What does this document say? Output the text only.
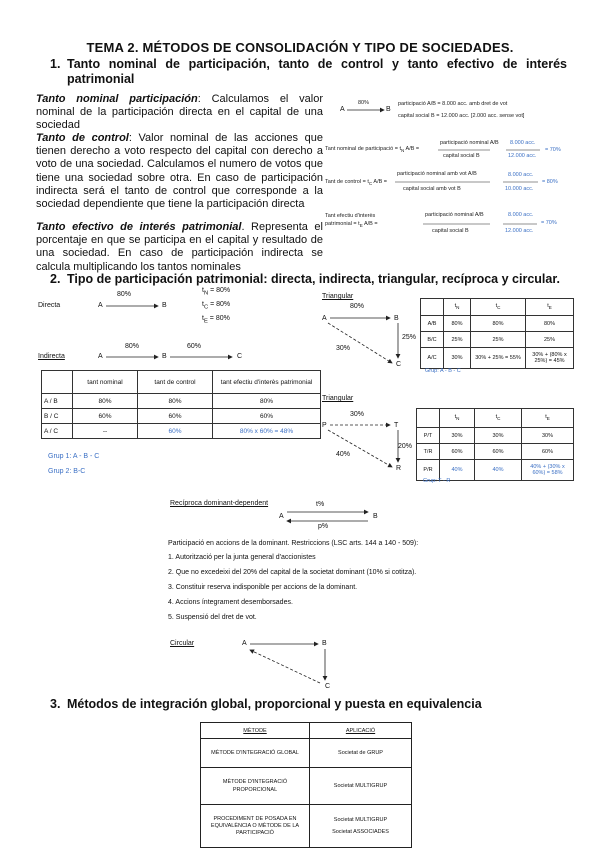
TEMA 2. MÉTODOS DE CONSOLIDACIÓN Y TIPO DE SOCIEDADES.
1. Tanto nominal de participación, tanto de control y tanto efectivo de interés
patrimonial
Tanto nominal participación: Calculamos el valor nominal de la participación directa en el capital de una sociedad
Tanto de control: Valor nominal de las acciones que tienen derecho a voto respecto del capital con derecho a voto de una sociedad. Calculamos el numero de votos que tiene una sociedad sobre otra. En caso de participación indirecta será el tanto de control que corresponde a la sociedad dependiente que tiene la participación directa
Tanto efectivo de interés patrimonial. Representa el porcentaje en que se participa en el capital y resultado de una sociedad. En caso de participación indirecta se calcula multiplicando los tantos nominales
A
80%
B
participació A/B = 8.000 acc. amb dret de vot
capital social B = 12.000 acc. [2.000 acc. sense vot]
Tant nominal de participació = $t_N$ A/B =
participació nominal A/B
capital social B
8.000 acc.
12.000 acc.
= 70%
Tant de control = $t_C$ A/B =
participació nominal amb vot A/B
capital social amb vot B
8.000 acc.
10.000 acc.
= 80%
Tant efectiu d'interès
patrimonial = $t_E$ A/B =
participació nominal A/B
capital social B
8.000 acc.
12.000 acc.
= 70%
2. Tipo de participación patrimonial: directa, indirecta, triangular, recíproca y circular.
Directa	A
80%
B
$t_N = 80\%$
$t_C = 80\%$
$t_E = 80\%$
Indirecta	A
80%
B
60%
C
	tant nominal	tant de control	tant efectiu d'interès patrimonial
A / B	80%	80%	80%
B / C	60%	60%	60%
A / C	--	60%	80% x 60% = 48%
Grup 1: A - B - C
Grup 2: B-C
Triangular
80%
A	B
25%
30%
C
	$t_N$	$t_C$	$t_E$
A/B	80%	80%	80%
B/C	25%	25%	25%
A/C	30%	30% + 25% = 55%	30% + (80% x 25%) = 45%
Grup: A - B - C
Triangular
30%
P	T
20%
40%
R
	$t_N$	$t_C$	$t_E$
P/T	30%	30%	30%
T/R	60%	60%	60%
P/R	40%	40%	40% + (30% x 60%) = 58%
Grup: T - R
Recíproca dominant-dependent	t%
A	B
p%
Participació en accions de la dominant. Restriccions (LSC arts. 144 a 140 - 509):
1. Autorització per la junta general d'accionistes
2. Que no excedeixi del 20% del capital de la societat dominant (10% si cotitza).
3. Constituir reserva indisponible per accions de la dominant.
4. Accions íntegrament desemborsades.
5. Suspensió del dret de vot.
Circular	A	B
C
3. Métodos de integración global, proporcional y puesta en equivalencia
MÈTODE	APLICACIÓ
MÈTODE D'INTEGRACIÓ GLOBAL	Societat de GRUP
MÈTODE D'INTEGRACIÓ
PROPORCIONAL	Societat MULTIGRUP
PROCEDIMENT DE POSADA EN
EQUIVALÈNCIA O MÈTODE DE LA
PARTICIPACIÓ	Societat MULTIGRUP
Societat ASSOCIADES
